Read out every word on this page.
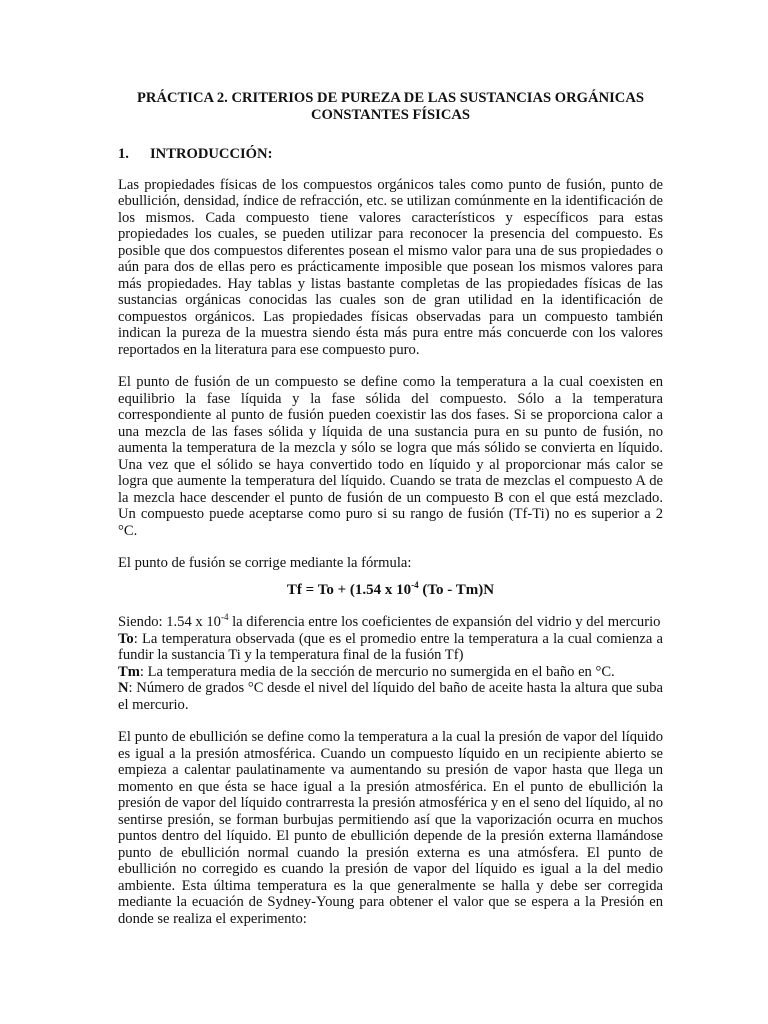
PRÁCTICA 2. CRITERIOS DE PUREZA DE LAS SUSTANCIAS ORGÁNICAS
CONSTANTES FÍSICAS
1.	INTRODUCCIÓN:

Las propiedades físicas de los compuestos orgánicos tales como punto de fusión, punto de ebullición, densidad, índice de refracción, etc. se utilizan comúnmente en la identificación de los mismos. Cada compuesto tiene valores característicos y específicos para estas propiedades los cuales, se pueden utilizar para reconocer la presencia del compuesto. Es posible que dos compuestos diferentes posean el mismo valor para una de sus propiedades o aún para dos de ellas pero es prácticamente imposible que posean los mismos valores para más propiedades. Hay tablas y listas bastante completas de las propiedades físicas de las sustancias orgánicas conocidas las cuales son de gran utilidad en la identificación de compuestos orgánicos. Las propiedades físicas observadas para un compuesto también indican la pureza de la muestra siendo ésta más pura entre más concuerde con los valores reportados en la literatura para ese compuesto puro.

El punto de fusión de un compuesto se define como la temperatura a la cual coexisten en equilibrio la fase líquida y la fase sólida del compuesto. Sólo a la temperatura correspondiente al punto de fusión pueden coexistir las dos fases. Si se proporciona calor a una mezcla de las fases sólida y líquida de una sustancia pura en su punto de fusión, no aumenta la temperatura de la mezcla y sólo se logra que más sólido se convierta en líquido. Una vez que el sólido se haya convertido todo en líquido y al proporcionar más calor se logra que aumente la temperatura del líquido. Cuando se trata de mezclas el compuesto A de la mezcla hace descender el punto de fusión de un compuesto B con el que está mezclado. Un compuesto puede aceptarse como puro si su rango de fusión (Tf-Ti) no es superior a 2 °C.

El punto de fusión se corrige mediante la fórmula:

Tf = To + (1.54 x $10^{-4}$ (To - Tm)N
Siendo: 1.54 x $10^{-4}$ la diferencia entre los coeficientes de expansión del vidrio y del mercurio
To: La temperatura observada (que es el promedio entre la temperatura a la cual comienza a fundir la sustancia Ti y la temperatura final de la fusión Tf)
Tm: La temperatura media de la sección de mercurio no sumergida en el baño en °C.
N: Número de grados °C desde el nivel del líquido del baño de aceite hasta la altura que suba el mercurio.

El punto de ebullición se define como la temperatura a la cual la presión de vapor del líquido es igual a la presión atmosférica. Cuando un compuesto líquido en un recipiente abierto se empieza a calentar paulatinamente va aumentando su presión de vapor hasta que llega un momento en que ésta se hace igual a la presión atmosférica. En el punto de ebullición la presión de vapor del líquido contrarresta la presión atmosférica y en el seno del líquido, al no sentirse presión, se forman burbujas permitiendo así que la vaporización ocurra en muchos puntos dentro del líquido. El punto de ebullición depende de la presión externa llamándose punto de ebullición normal cuando la presión externa es una atmósfera. El punto de ebullición no corregido es cuando la presión de vapor del líquido es igual a la del medio ambiente. Esta última temperatura es la que generalmente se halla y debe ser corregida mediante la ecuación de Sydney-Young para obtener el valor que se espera a la Presión en donde se realiza el experimento:
